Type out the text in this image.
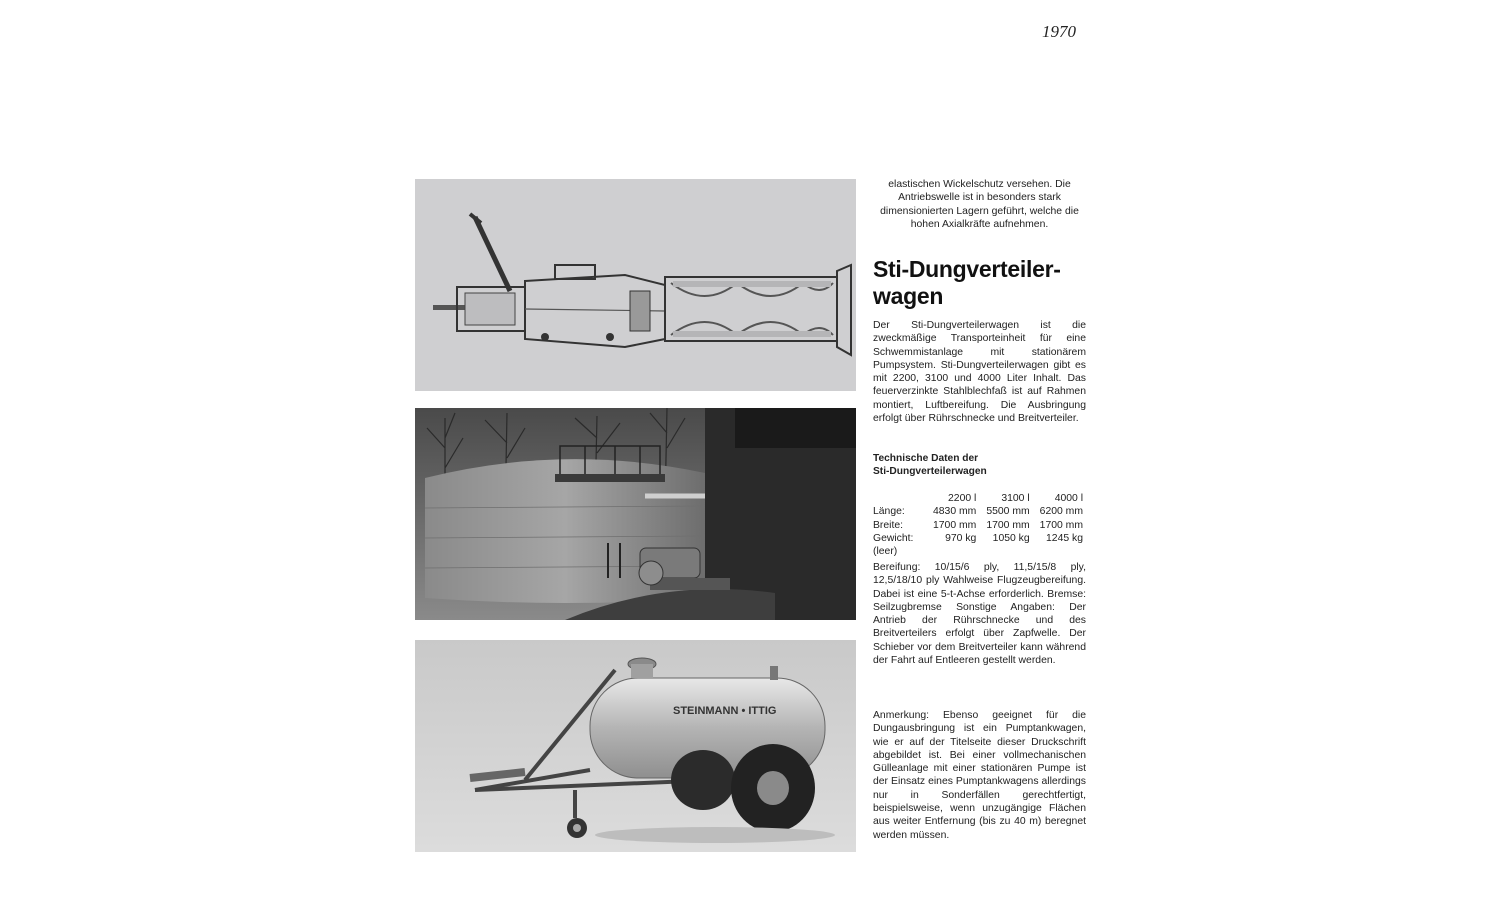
1970
STEINMANN • ITTIG
elastischen Wickelschutz versehen. Die Antriebswelle ist in besonders stark dimensionierten Lagern geführt, welche die hohen Axialkräfte aufnehmen.
Sti-Dungverteiler-
wagen
Der Sti-Dungverteilerwagen ist die zweckmäßige Transporteinheit für eine Schwemmistanlage mit stationärem Pumpsystem. Sti-Dungverteilerwagen gibt es mit 2200, 3100 und 4000 Liter Inhalt. Das feuerverzinkte Stahlblechfaß ist auf Rahmen montiert, Luftbereifung. Die Ausbringung erfolgt über Rührschnecke und Breitverteiler.
Technische Daten der
Sti-Dungverteilerwagen
	2200 l	3100 l	4000 l
Länge:	4830 mm	5500 mm	6200 mm
Breite:	1700 mm	1700 mm	1700 mm
Gewicht:	970 kg	1050 kg	1245 kg
(leer)			
Bereifung: 10/15/6 ply, 11,5/15/8 ply, 12,5/18/10 ply Wahlweise Flugzeugbereifung. Dabei ist eine 5-t-Achse erforderlich. Bremse: Seilzugbremse Sonstige Angaben: Der Antrieb der Rührschnecke und des Breitverteilers erfolgt über Zapfwelle. Der Schieber vor dem Breitverteiler kann während der Fahrt auf Entleeren gestellt werden.
Anmerkung: Ebenso geeignet für die Dungausbringung ist ein Pumptankwagen, wie er auf der Titelseite dieser Druckschrift abgebildet ist. Bei einer vollmechanischen Gülleanlage mit einer stationären Pumpe ist der Einsatz eines Pumptankwagens allerdings nur in Sonderfällen gerechtfertigt, beispielsweise, wenn unzugängige Flächen aus weiter Entfernung (bis zu 40 m) beregnet werden müssen.
